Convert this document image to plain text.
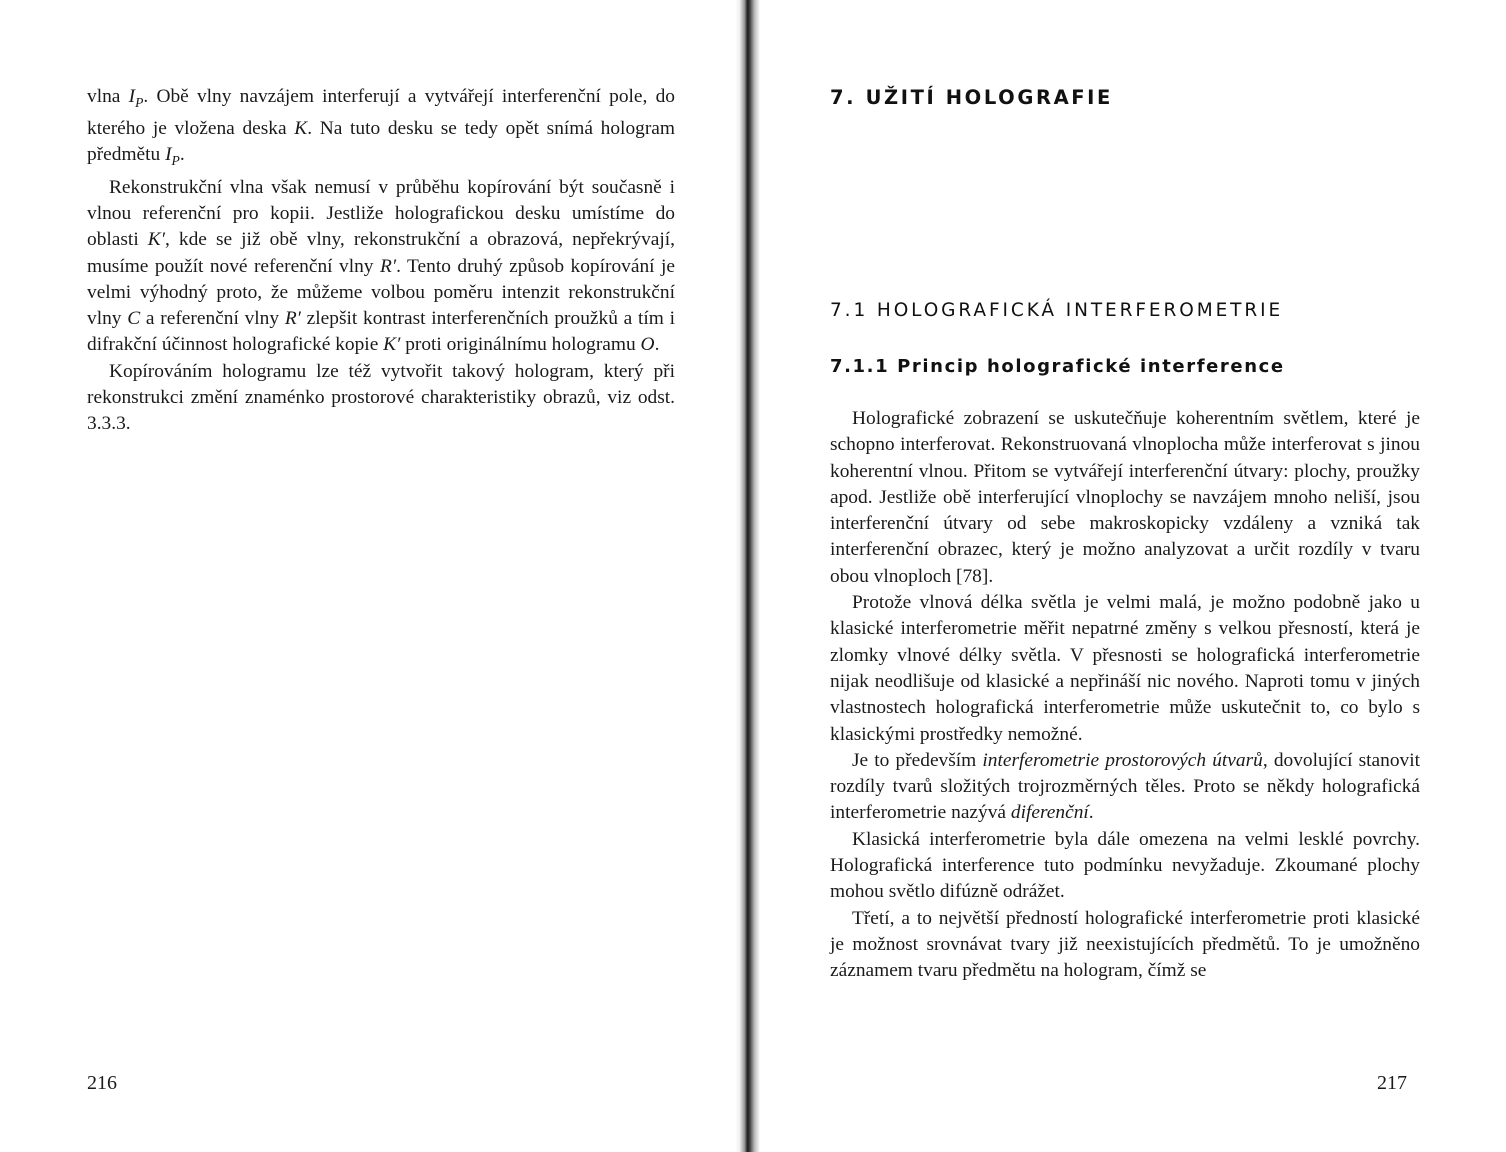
vlna $I_P$. Obě vlny navzájem interferují a vytvářejí interferenční pole, do kterého je vložena deska K. Na tuto desku se tedy opět snímá hologram předmětu $I_P$.

Rekonstrukční vlna však nemusí v průběhu kopírování být současně i vlnou referenční pro kopii. Jestliže holografickou desku umístíme do oblasti K′, kde se již obě vlny, rekonstrukční a obrazová, nepřekrývají, musíme použít nové referenční vlny R′. Tento druhý způsob kopírování je velmi výhodný proto, že můžeme volbou poměru intenzit rekonstrukční vlny C a referenční vlny R′ zlepšit kontrast interferenčních proužků a tím i difrakční účinnost holografické kopie K′ proti originálnímu hologramu O.

Kopírováním hologramu lze též vytvořit takový hologram, který při rekonstrukci změní znaménko prostorové charakteristiky obrazů, viz odst. 3.3.3.

216
7. UŽITÍ HOLOGRAFIE
7.1 HOLOGRAFICKÁ INTERFEROMETRIE
7.1.1 Princip holografické interference

Holografické zobrazení se uskutečňuje koherentním světlem, které je schopno interferovat. Rekonstruovaná vlnoplocha může interferovat s jinou koherentní vlnou. Přitom se vytvářejí interferenční útvary: plochy, proužky apod. Jestliže obě interferující vlnoplochy se navzájem mnoho neliší, jsou interferenční útvary od sebe makroskopicky vzdáleny a vzniká tak interferenční obrazec, který je možno analyzovat a určit rozdíly v tvaru obou vlnoploch [78].

Protože vlnová délka světla je velmi malá, je možno podobně jako u klasické interferometrie měřit nepatrné změny s velkou přesností, která je zlomky vlnové délky světla. V přesnosti se holografická interferometrie nijak neodlišuje od klasické a nepřináší nic nového. Naproti tomu v jiných vlastnostech holografická interferometrie může uskutečnit to, co bylo s klasickými prostředky nemožné.

Je to především interferometrie prostorových útvarů, dovolující stanovit rozdíly tvarů složitých trojrozměrných těles. Proto se někdy holografická interferometrie nazývá diferenční.

Klasická interferometrie byla dále omezena na velmi lesklé povrchy. Holografická interference tuto podmínku nevyžaduje. Zkoumané plochy mohou světlo difúzně odrážet.

Třetí, a to největší předností holografické interferometrie proti klasické je možnost srovnávat tvary již neexistujících předmětů. To je umožněno záznamem tvaru předmětu na hologram, čímž se

217
